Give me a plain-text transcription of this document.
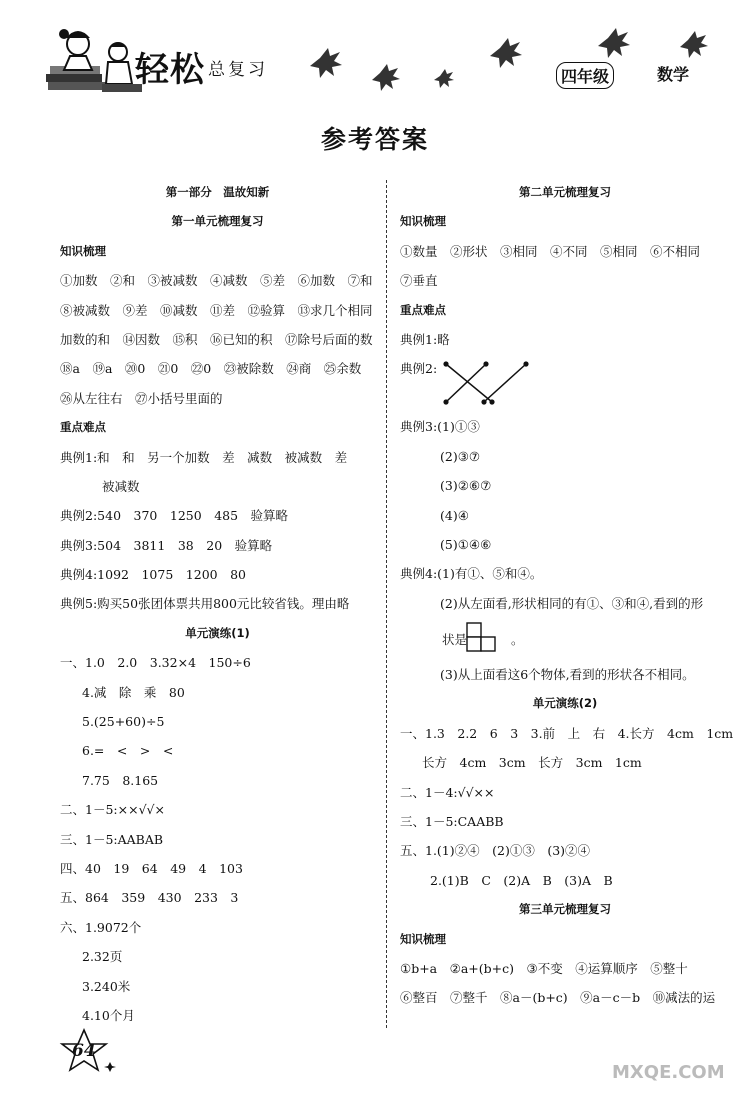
轻松 总复习	四年级	数学
参考答案
第一部分　温故知新
第一单元梳理复习
知识梳理
①加数　②和　③被减数　④减数　⑤差　⑥加数　⑦和
⑧被减数　⑨差　⑩减数　⑪差　⑫验算　⑬求几个相同
加数的和　⑭因数　⑮积　⑯已知的积　⑰除号后面的数
⑱a　⑲a　⑳0　㉑0　㉒0　㉓被除数　㉔商　㉕余数
㉖从左往右　㉗小括号里面的
重点难点
典例1:和　和　另一个加数　差　减数　被减数　差
被减数
典例2:540　370　1250　485　验算略
典例3:504　3811　38　20　验算略
典例4:1092　1075　1200　80
典例5:购买50张团体票共用800元比较省钱。理由略
单元演练(1)
一、1.0　2.0　3.32×4　150÷6
4.减　除　乘　80
5.(25+60)÷5
6.=　<　>　<
7.75　8.165
二、1－5:××√√×
三、1－5:AABAB
四、40　19　64　49　4　103
五、864　359　430　233　3
六、1.9072个
2.32页
3.240米
4.10个月
第二单元梳理复习
知识梳理
①数量　②形状　③相同　④不同　⑤相同　⑥不相同
⑦垂直
重点难点
典例1:略
典例2:
典例3:(1)①③
(2)③⑦
(3)②⑥⑦
(4)④
(5)①④⑥
典例4:(1)有①、⑤和④。
(2)从左面看,形状相同的有①、③和④,看到的形
状是	。
(3)从上面看这6个物体,看到的形状各不相同。
单元演练(2)
一、1.3　2.2　6　3　3.前　上　右　4.长方　4cm　1cm
长方　4cm　3cm　长方　3cm　1cm
二、1－4:√√××
三、1－5:CAABB
五、1.(1)②④　(2)①③　(3)②④
2.(1)B　C　(2)A　B　(3)A　B
第三单元梳理复习
知识梳理
①b+a　②a+(b+c)　③不变　④运算顺序　⑤整十
⑥整百　⑦整千　⑧a－(b+c)　⑨a－c－b　⑩减法的运
64
MXQE.COM
